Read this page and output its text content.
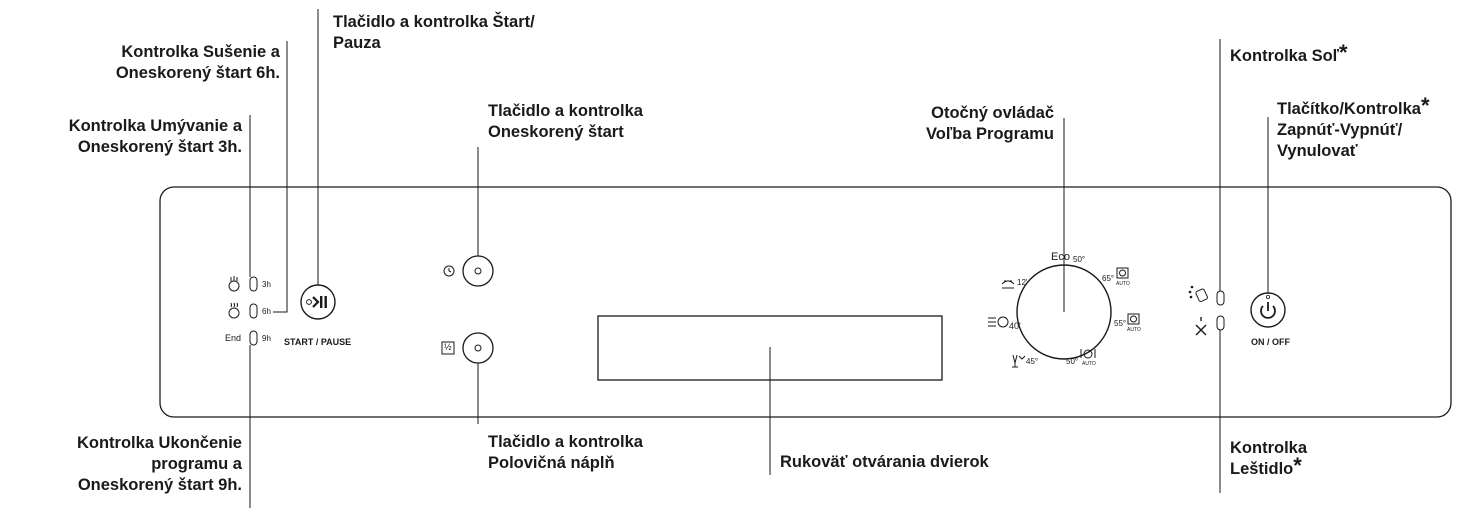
3h
6h
9h
End	START / PAUSE	ON / OFF
½
Eco 50°
12'
40'
45°	50° AUTO
55°
AUTO
65°
AUTO
Kontrolka Sušenie a
Oneskorený štart 6h.
Kontrolka Umývanie a
Oneskorený štart 3h.
Kontrolka Ukončenie
programu a
Oneskorený štart 9h.
Tlačidlo a kontrolka Štart/
Pauza
Tlačidlo a kontrolka
Oneskorený štart
Tlačidlo a kontrolka
Polovičná náplň	Rukoväť otvárania dvierok
Otočný ovládač
Voľba Programu
Kontrolka Soľ*
Tlačítko/Kontrolka*
Zapnúť-Vypnúť/
Vynulovať
Kontrolka
Leštidlo*
